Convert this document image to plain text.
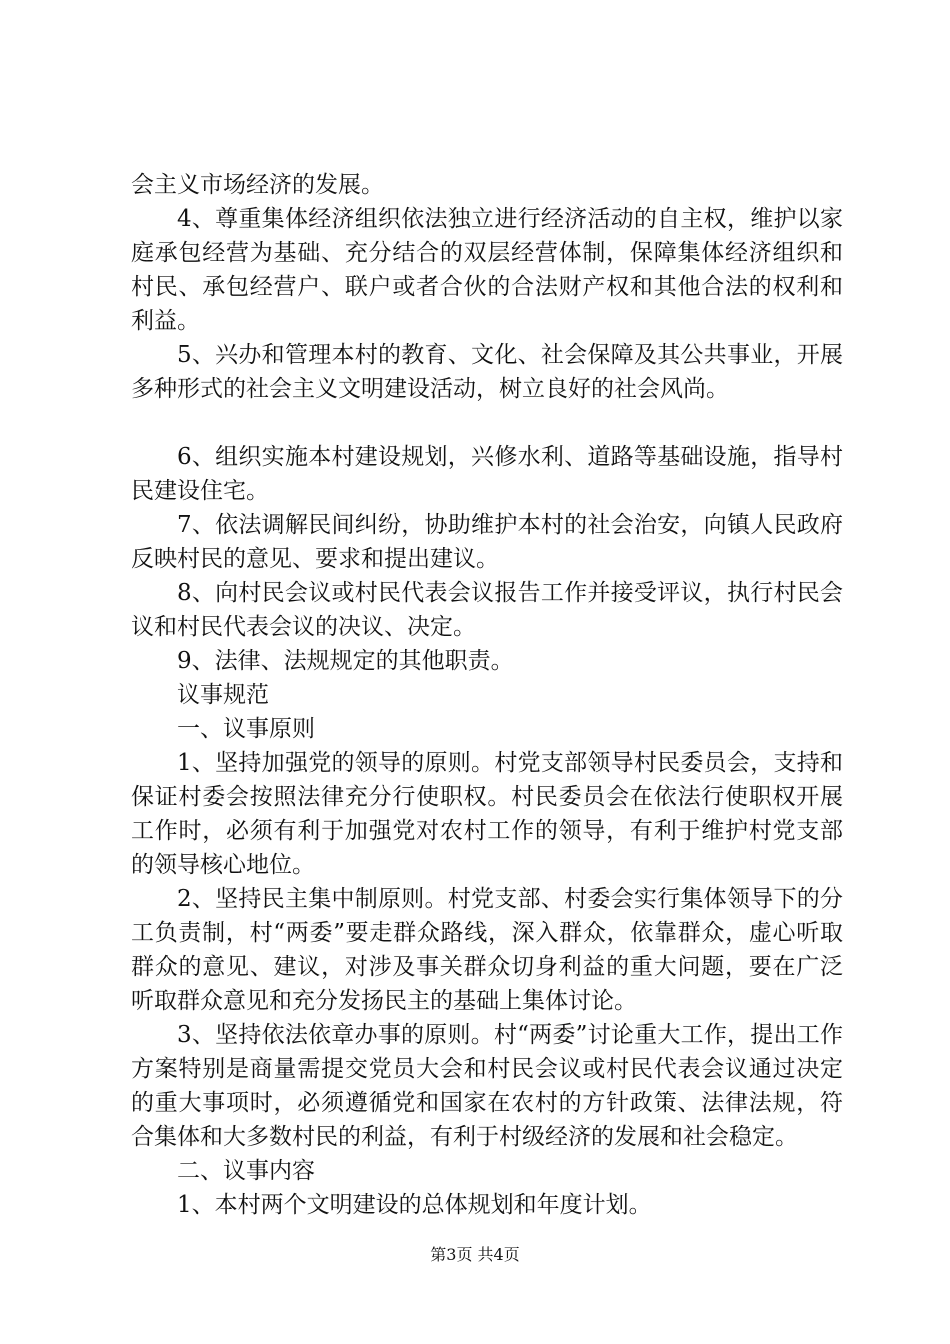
会主义市场经济的发展。

4、尊重集体经济组织依法独立进行经济活动的自主权，维护以家庭承包经营为基础、充分结合的双层经营体制，保障集体经济组织和村民、承包经营户、联户或者合伙的合法财产权和其他合法的权利和利益。

5、兴办和管理本村的教育、文化、社会保障及其公共事业，开展多种形式的社会主义文明建设活动，树立良好的社会风尚。

6、组织实施本村建设规划，兴修水利、道路等基础设施，指导村民建设住宅。

7、依法调解民间纠纷，协助维护本村的社会治安，向镇人民政府反映村民的意见、要求和提出建议。

8、向村民会议或村民代表会议报告工作并接受评议，执行村民会议和村民代表会议的决议、决定。

9、法律、法规规定的其他职责。

议事规范

一、议事原则

1、坚持加强党的领导的原则。村党支部领导村民委员会，支持和保证村委会按照法律充分行使职权。村民委员会在依法行使职权开展工作时，必须有利于加强党对农村工作的领导，有利于维护村党支部的领导核心地位。

2、坚持民主集中制原则。村党支部、村委会实行集体领导下的分工负责制，村“两委”要走群众路线，深入群众，依靠群众，虚心听取群众的意见、建议，对涉及事关群众切身利益的重大问题，要在广泛听取群众意见和充分发扬民主的基础上集体讨论。

3、坚持依法依章办事的原则。村“两委”讨论重大工作，提出工作方案特别是商量需提交党员大会和村民会议或村民代表会议通过决定的重大事项时，必须遵循党和国家在农村的方针政策、法律法规，符合集体和大多数村民的利益，有利于村级经济的发展和社会稳定。

二、议事内容

1、本村两个文明建设的总体规划和年度计划。

第3页 共4页
